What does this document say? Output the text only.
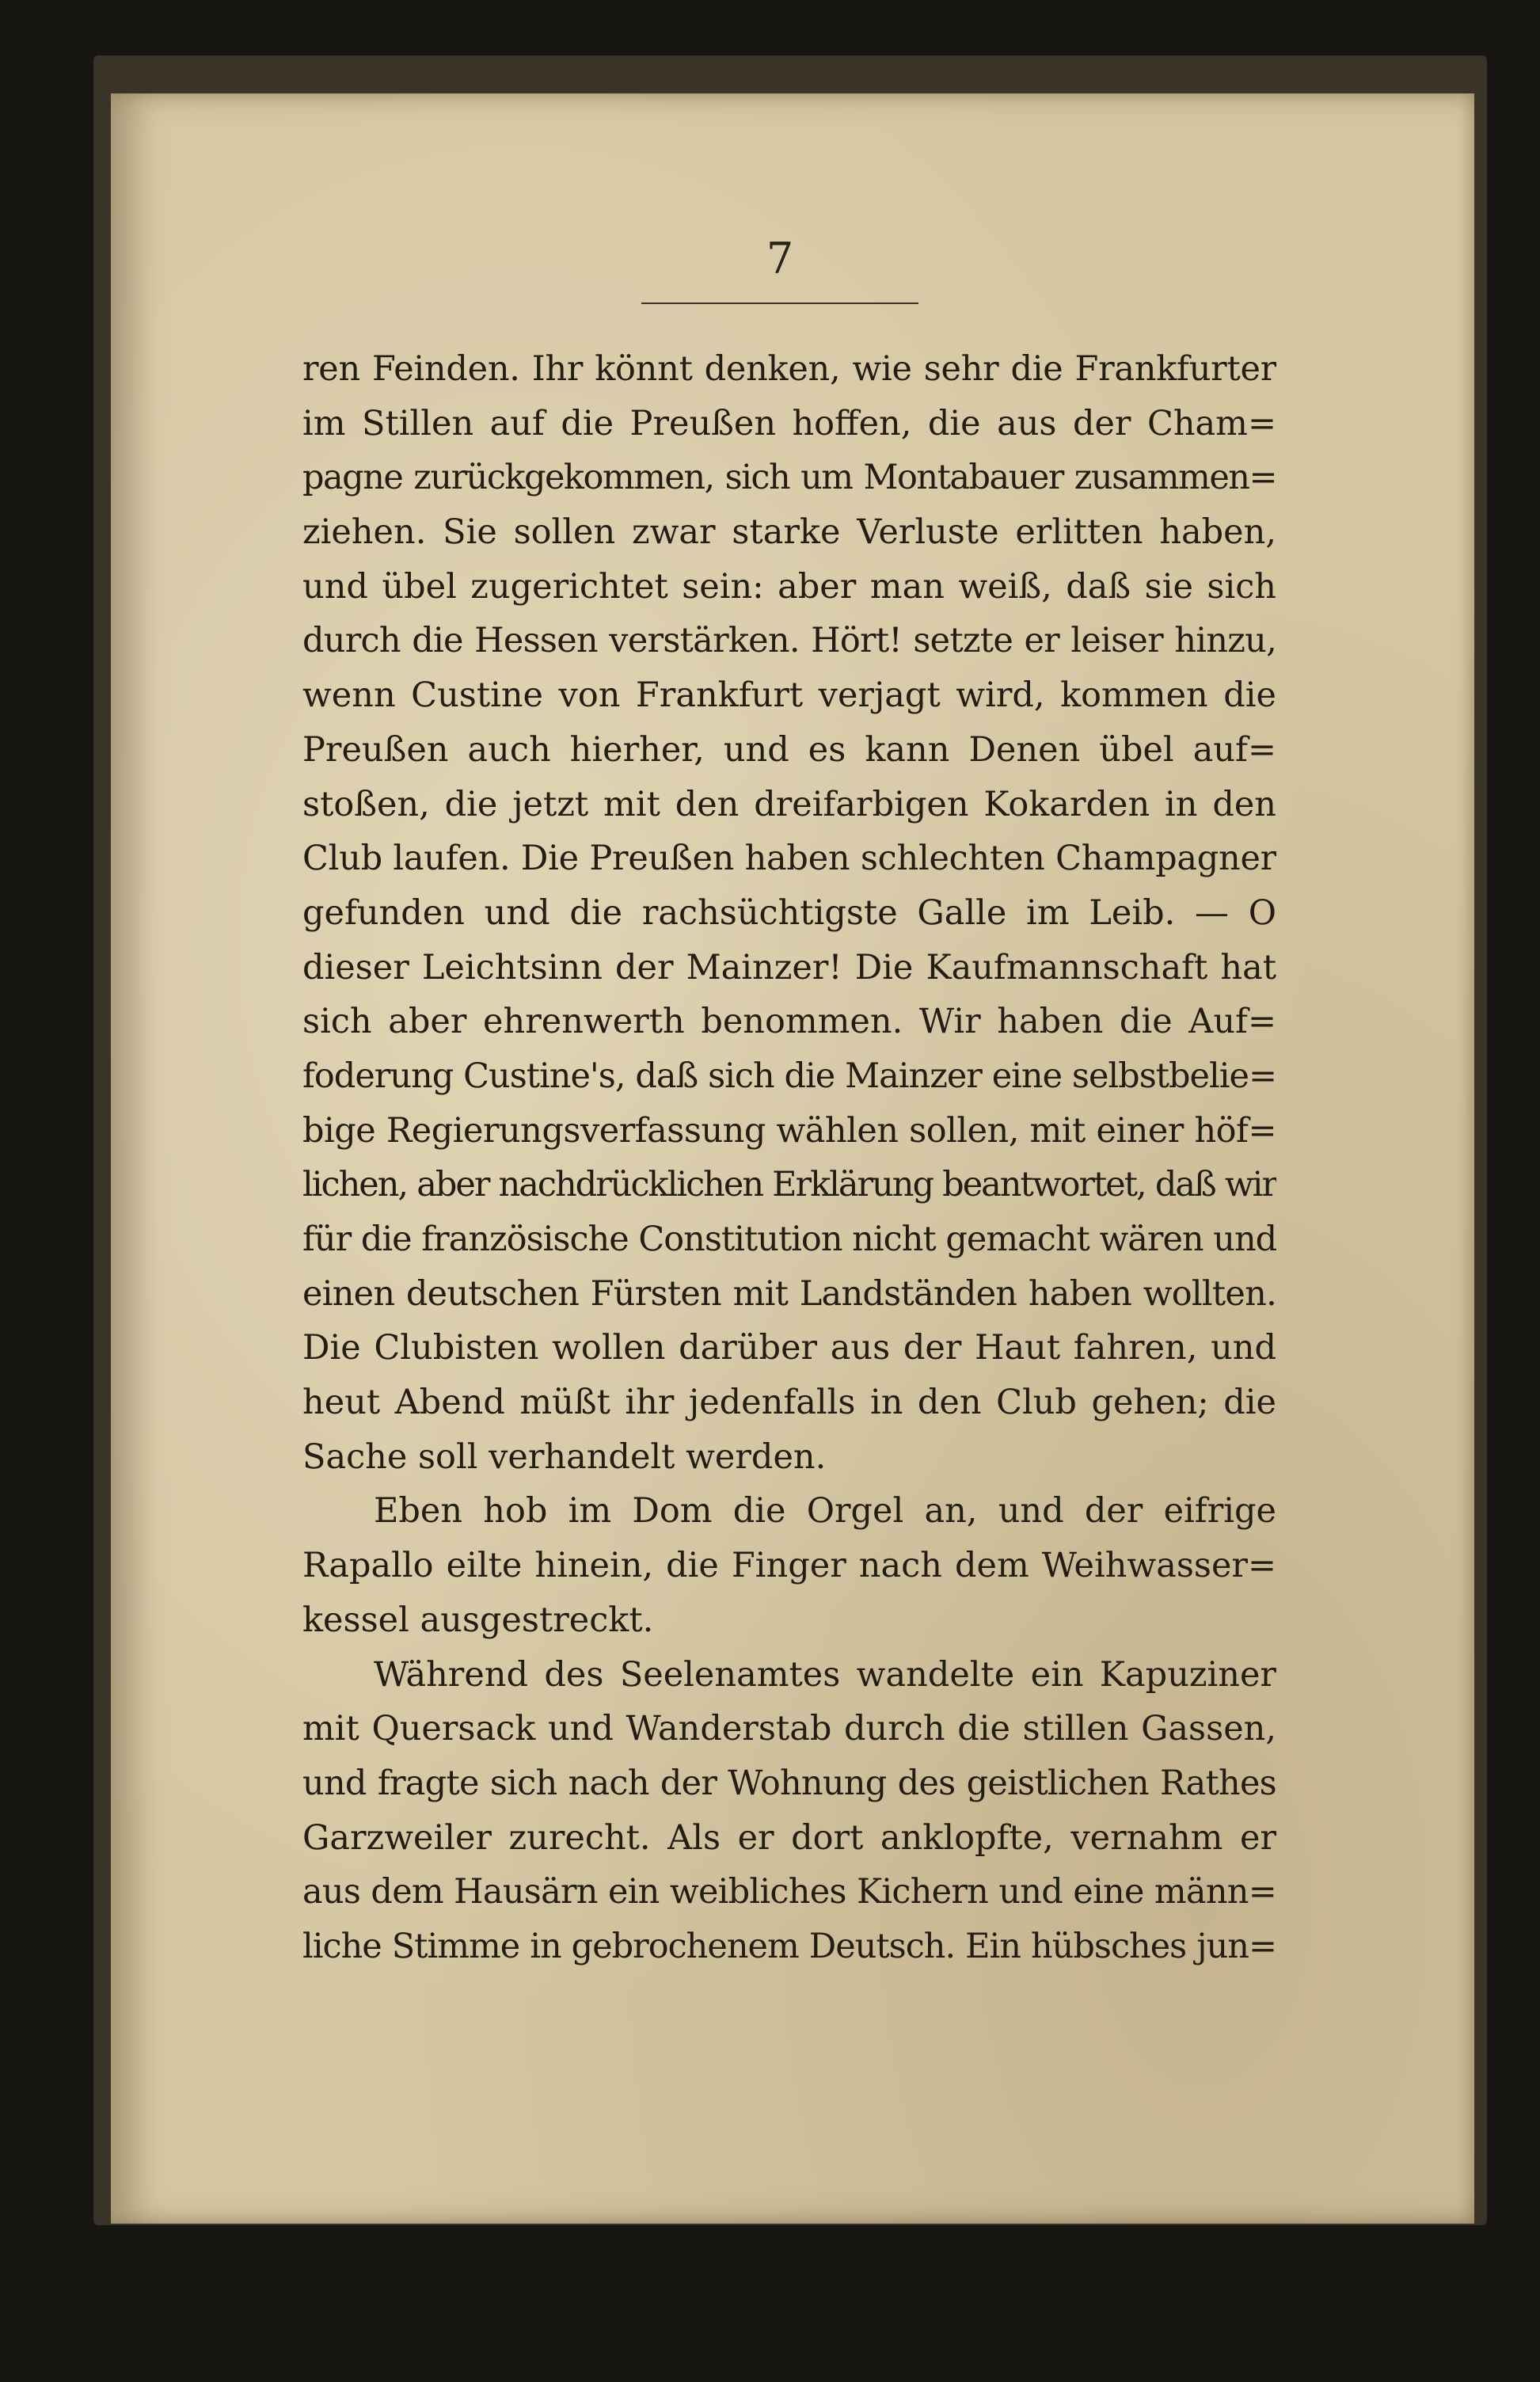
7
ren Feinden. Ihr könnt denken, wie sehr die Frankfurter
im Stillen auf die Preußen hoffen, die aus der Cham=
pagne zurückgekommen, sich um Montabauer zusammen=
ziehen. Sie sollen zwar starke Verluste erlitten haben,
und übel zugerichtet sein: aber man weiß, daß sie sich
durch die Hessen verstärken. Hört! setzte er leiser hinzu,
wenn Custine von Frankfurt verjagt wird, kommen die
Preußen auch hierher, und es kann Denen übel auf=
stoßen, die jetzt mit den dreifarbigen Kokarden in den
Club laufen. Die Preußen haben schlechten Champagner
gefunden und die rachsüchtigste Galle im Leib. — O
dieser Leichtsinn der Mainzer! Die Kaufmannschaft hat
sich aber ehrenwerth benommen. Wir haben die Auf=
foderung Custine's, daß sich die Mainzer eine selbstbelie=
bige Regierungsverfassung wählen sollen, mit einer höf=
lichen, aber nachdrücklichen Erklärung beantwortet, daß wir
für die französische Constitution nicht gemacht wären und
einen deutschen Fürsten mit Landständen haben wollten.
Die Clubisten wollen darüber aus der Haut fahren, und
heut Abend müßt ihr jedenfalls in den Club gehen; die
Sache soll verhandelt werden.
Eben hob im Dom die Orgel an, und der eifrige
Rapallo eilte hinein, die Finger nach dem Weihwasser=
kessel ausgestreckt.
Während des Seelenamtes wandelte ein Kapuziner
mit Quersack und Wanderstab durch die stillen Gassen,
und fragte sich nach der Wohnung des geistlichen Rathes
Garzweiler zurecht. Als er dort anklopfte, vernahm er
aus dem Hausärn ein weibliches Kichern und eine männ=
liche Stimme in gebrochenem Deutsch. Ein hübsches jun=
